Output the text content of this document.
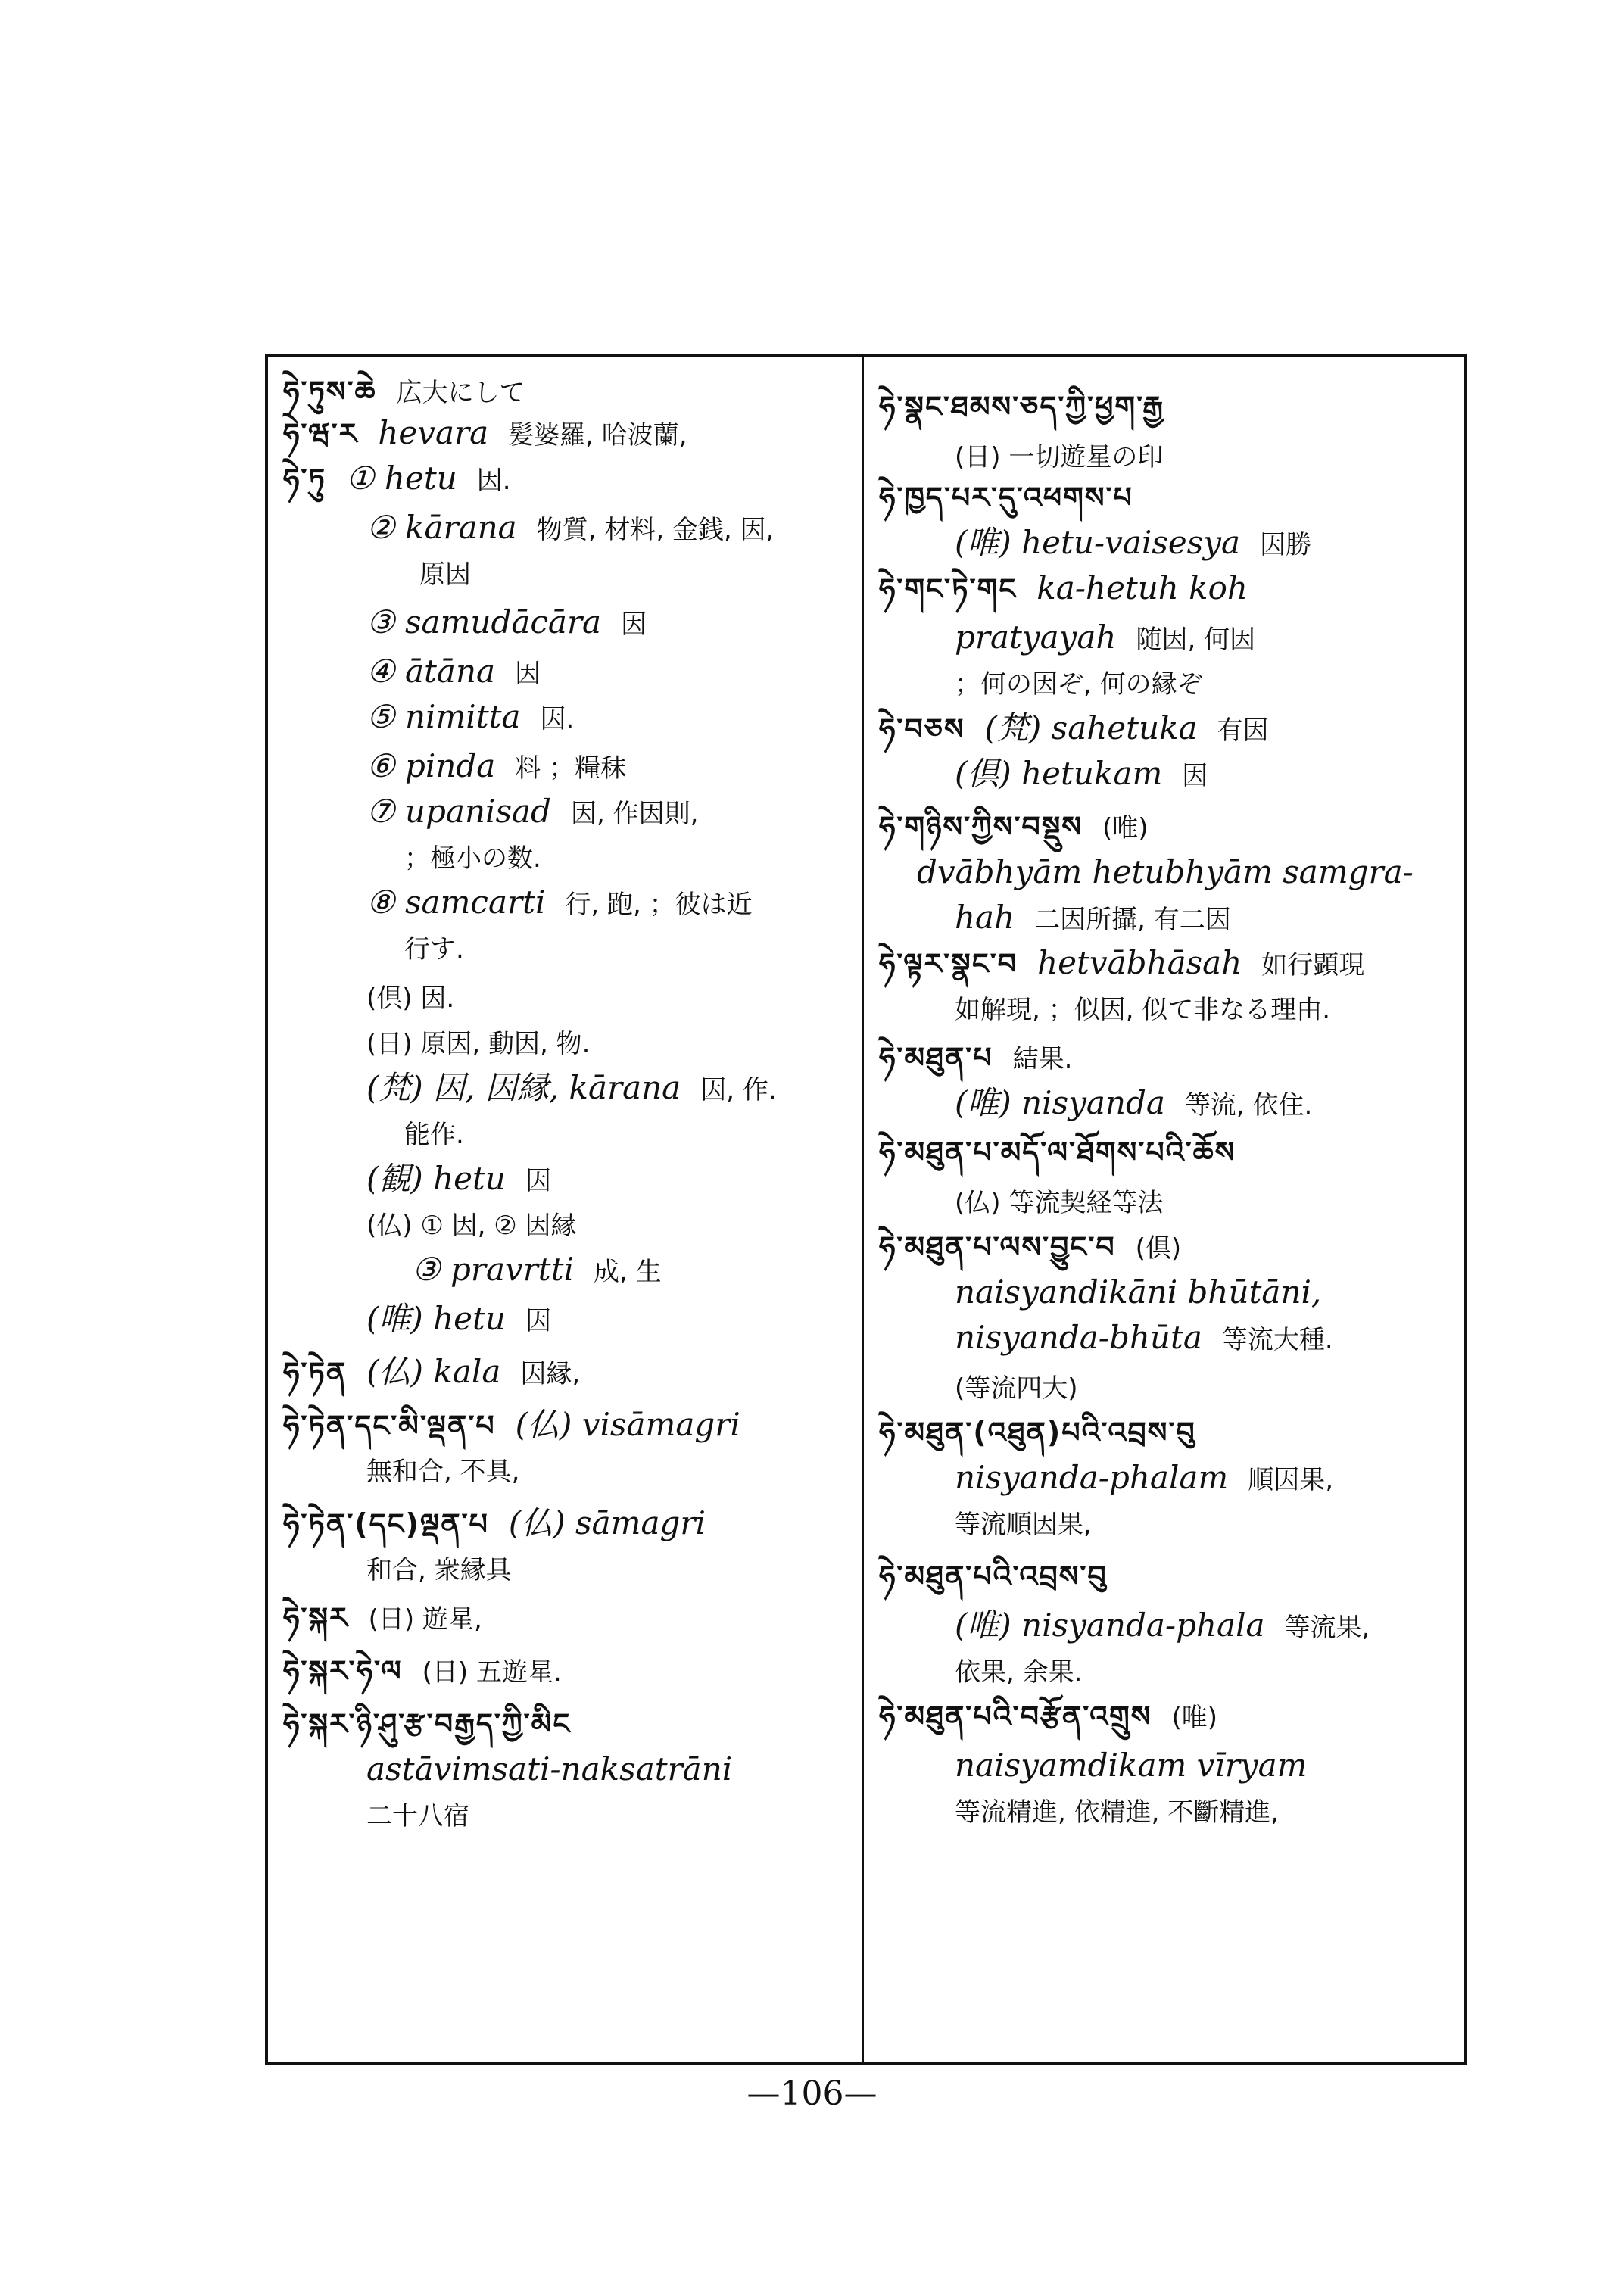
ཧེ་ཏུས་ཆེ 広大にして
ཧེ་ཝ་ར hevara 髪婆羅, 哈波蘭,
ཧེ་ཏུ ① hetu 因.
② kārana 物質, 材料, 金銭, 因,
原因
③ samudācāra 因
④ ātāna 因
⑤ nimitta 因.
⑥ pinda 料 ；糧秣
⑦ upanisad 因, 作因則,
；極小の数.
⑧ samcarti 行, 跑, ；彼は近
行す.
(倶) 因.
(日) 原因, 動因, 物.
(梵) 因, 因縁, kārana 因, 作.
能作.
(観) hetu 因
(仏) ① 因, ② 因縁
③ pravrtti 成, 生
(唯) hetu 因
ཧེ་ཏེན (仏) kala 因縁,
ཧེ་ཏེན་དང་མི་ལྡན་པ (仏) visāmagri
無和合, 不具,
ཧེ་ཏེན་(དང)ལྡན་པ (仏) sāmagri
和合, 衆縁具
ཧེ་སྐར (日) 遊星,
ཧེ་སྐར་ཧེ་ལ (日) 五遊星.
ཧེ་སྐར་ཉི་ཤུ་རྩ་བརྒྱད་ཀྱི་མིང
astāvimsati-naksatrāni
二十八宿
ཧེ་སྣང་ཐམས་ཅད་ཀྱི་ཕྱག་རྒྱ
(日) 一切遊星の印
ཧེ་ཁྱད་པར་དུ་འཕགས་པ
(唯) hetu-vaisesya 因勝
ཧེ་གང་ཏེ་གང ka-hetuh koh
pratyayah 随因, 何因
；何の因ぞ, 何の縁ぞ
ཧེ་བཅས (梵) sahetuka 有因
(倶) hetukam 因
ཧེ་གཉིས་ཀྱིས་བསྡུས (唯)
dvābhyām hetubhyām samgra-
hah 二因所攝, 有二因
ཧེ་ལྟར་སྣང་བ hetvābhāsah 如行顕現
如解現, ；似因, 似て非なる理由.
ཧེ་མཐུན་པ 結果.
(唯) nisyanda 等流, 依住.
ཧེ་མཐུན་པ་མདོ་ལ་ཐོགས་པའི་ཆོས
(仏) 等流契経等法
ཧེ་མཐུན་པ་ལས་བྱུང་བ (倶)
naisyandikāni bhūtāni,
nisyanda-bhūta 等流大種.
(等流四大)
ཧེ་མཐུན་(འཐུན)པའི་འབྲས་བུ
nisyanda-phalam 順因果,
等流順因果,
ཧེ་མཐུན་པའི་འབྲས་བུ
(唯) nisyanda-phala 等流果,
依果, 余果.
ཧེ་མཐུན་པའི་བརྩོན་འགྲུས (唯)
naisyamdikam vīryam
等流精進, 依精進, 不斷精進,
—106—
